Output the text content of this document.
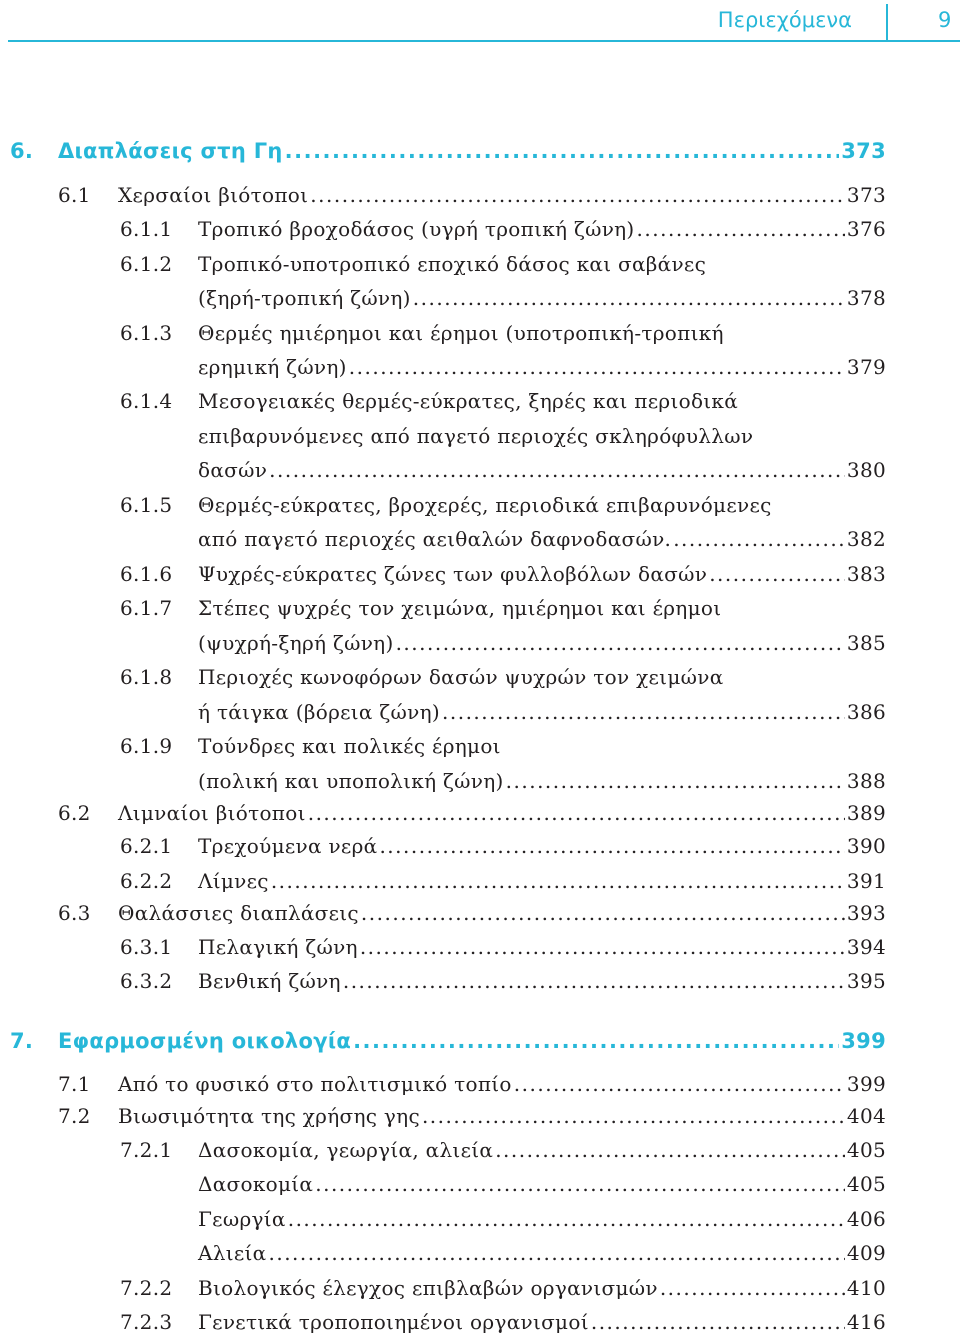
Περιεχόμενα	9
6. Διαπλάσεις στη Γη .....	373
6.1 Χερσαίοι βιότοποι .....	373
6.1.1 Τροπικό βροχοδάσος (υγρή τροπική ζώνη) .....	376
6.1.2 Τροπικό-υποτροπικό εποχικό δάσος και σαβάνες
(ξηρή-τροπική ζώνη) .....	378
6.1.3 Θερμές ημιέρημοι και έρημοι (υποτροπική-τροπική
ερημική ζώνη) .....	379
6.1.4 Μεσογειακές θερμές-εύκρατες, ξηρές και περιοδικά
επιβαρυνόμενες από παγετό περιοχές σκληρόφυλλων
δασών .....	380
6.1.5 Θερμές-εύκρατες, βροχερές, περιοδικά επιβαρυνόμενες
από παγετό περιοχές αειθαλών δαφνοδασών. .....	382
6.1.6 Ψυχρές-εύκρατες ζώνες των φυλλοβόλων δασών .....	383
6.1.7 Στέπες ψυχρές τον χειμώνα, ημιέρημοι και έρημοι
(ψυχρή-ξηρή ζώνη) .....	385
6.1.8 Περιοχές κωνοφόρων δασών ψυχρών τον χειμώνα
ή τάιγκα (βόρεια ζώνη) .....	386
6.1.9 Τούνδρες και πολικές έρημοι
(πολική και υποπολική ζώνη) .....	388
6.2 Λιμναίοι βιότοποι .....	389
6.2.1 Τρεχούμενα νερά .....	390
6.2.2 Λίμνες .....	391
6.3 Θαλάσσιες διαπλάσεις .....	393
6.3.1 Πελαγική ζώνη .....	394
6.3.2 Βενθική ζώνη .....	395
7. Εφαρμοσμένη οικολογία .....	399
7.1 Από το φυσικό στο πολιτισμικό τοπίο .....	399
7.2 Βιωσιμότητα της χρήσης γης .....	404
7.2.1 Δασοκομία, γεωργία, αλιεία .....	405
Δασοκομία .....	405
Γεωργία .....	406
Αλιεία .....	409
7.2.2 Βιολογικός έλεγχος επιβλαβών οργανισμών .....	410
7.2.3 Γενετικά τροποποιημένοι οργανισμοί .....	416
